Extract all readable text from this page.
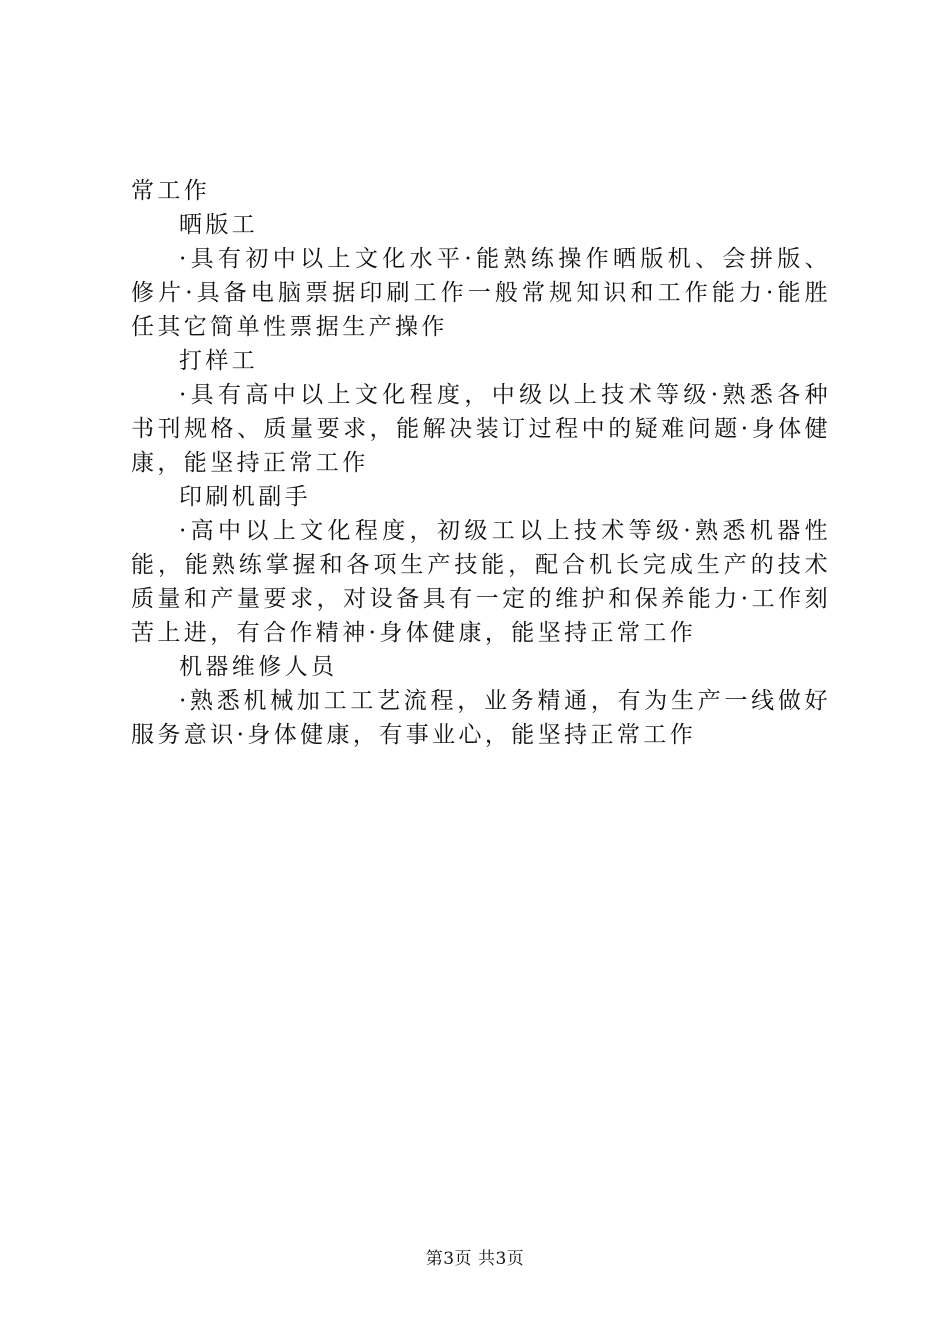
常工作

晒版工

·具有初中以上文化水平·能熟练操作晒版机、会拼版、修片·具备电脑票据印刷工作一般常规知识和工作能力·能胜任其它简单性票据生产操作

打样工

·具有高中以上文化程度，中级以上技术等级·熟悉各种书刊规格、质量要求，能解决装订过程中的疑难问题·身体健康，能坚持正常工作

印刷机副手

·高中以上文化程度，初级工以上技术等级·熟悉机器性能，能熟练掌握和各项生产技能，配合机长完成生产的技术质量和产量要求，对设备具有一定的维护和保养能力·工作刻苦上进，有合作精神·身体健康，能坚持正常工作

机器维修人员

·熟悉机械加工工艺流程，业务精通，有为生产一线做好服务意识·身体健康，有事业心，能坚持正常工作

第3页 共3页
